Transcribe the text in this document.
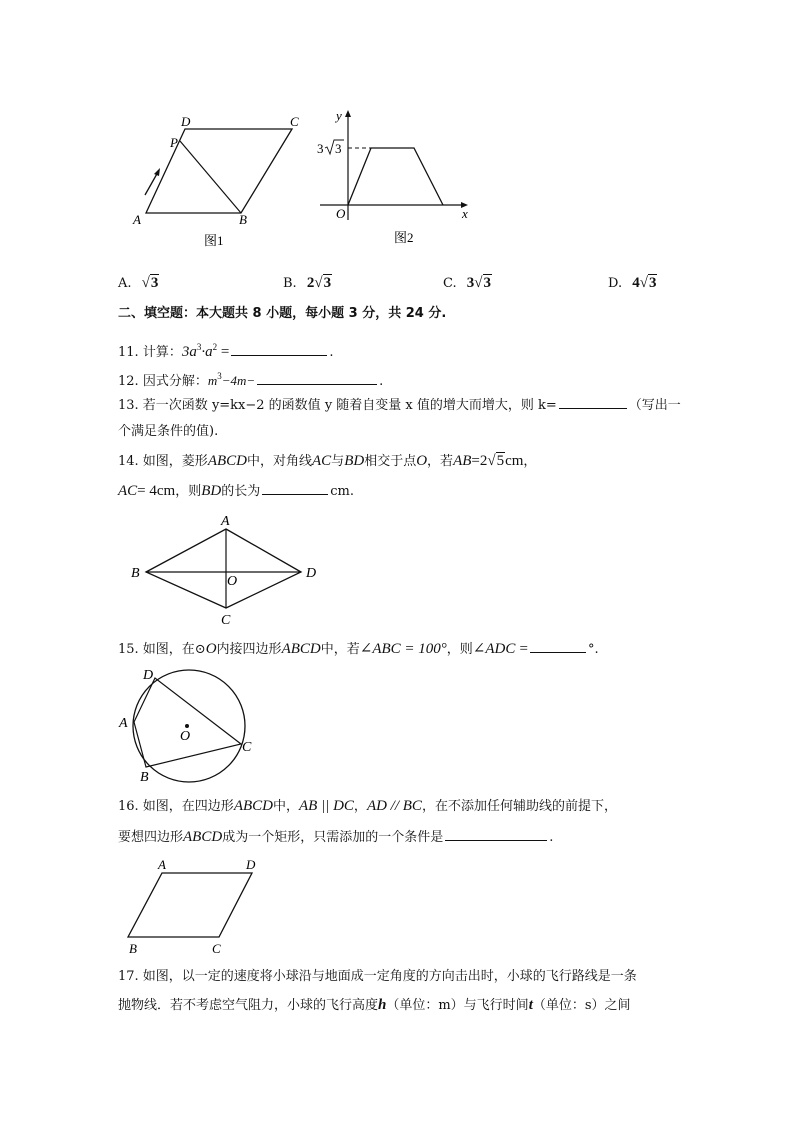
D	C
P
A	B
图1
y
x
O
3 3
图2
A. √3	B. 2√3	C. 3√3	D. 4√3
二、填空题：本大题共 8 小题，每小题 3 分，共 24 分.
11. 计算：$3a^3\cdot a^2$ =	.
12. 因式分解：$m^3-4m-$	.
13. 若一次函数 y=kx−2 的函数值 y 随着自变量 x 值的增大而增大，则 k=	（写出一
个满足条件的值).
14. 如图，菱形ABCD中，对角线AC与BD相交于点O，若AB=2√5cm，
AC= 4cm，则BD的长为	cm.
A
B	D
O
C
15. 如图，在⊙O内接四边形ABCD中，若∠ABC = 100°，则∠ADC =	°.
D
A
O
C
B
16. 如图，在四边形ABCD中，AB || DC，AD // BC，在不添加任何辅助线的前提下，
要想四边形ABCD成为一个矩形，只需添加的一个条件是	.
A	D
B	C
17. 如图，以一定的速度将小球沿与地面成一定角度的方向击出时，小球的飞行路线是一条
抛物线．若不考虑空气阻力，小球的飞行高度h（单位：m）与飞行时间t（单位：s）之间
